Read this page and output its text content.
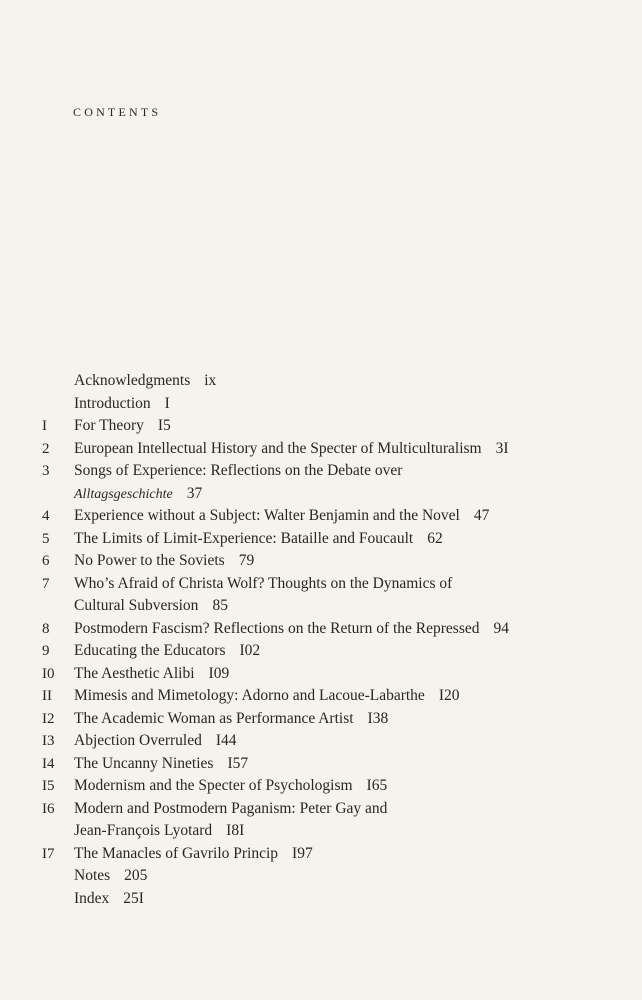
CONTENTS
Acknowledgments ix
Introduction I
I	For Theory I5
2	European Intellectual History and the Specter of Multiculturalism 3I
3	Songs of Experience: Reflections on the Debate over
Alltagsgeschichte 37
4	Experience without a Subject: Walter Benjamin and the Novel 47
5	The Limits of Limit-Experience: Bataille and Foucault 62
6	No Power to the Soviets 79
7	Who’s Afraid of Christa Wolf? Thoughts on the Dynamics of
Cultural Subversion 85
8	Postmodern Fascism? Reflections on the Return of the Repressed 94
9	Educating the Educators I02
I0	The Aesthetic Alibi I09
II	Mimesis and Mimetology: Adorno and Lacoue-Labarthe I20
I2	The Academic Woman as Performance Artist I38
I3	Abjection Overruled I44
I4	The Uncanny Nineties I57
I5	Modernism and the Specter of Psychologism I65
I6	Modern and Postmodern Paganism: Peter Gay and
Jean-François Lyotard I8I
I7	The Manacles of Gavrilo Princip I97
Notes 205
Index 25I
